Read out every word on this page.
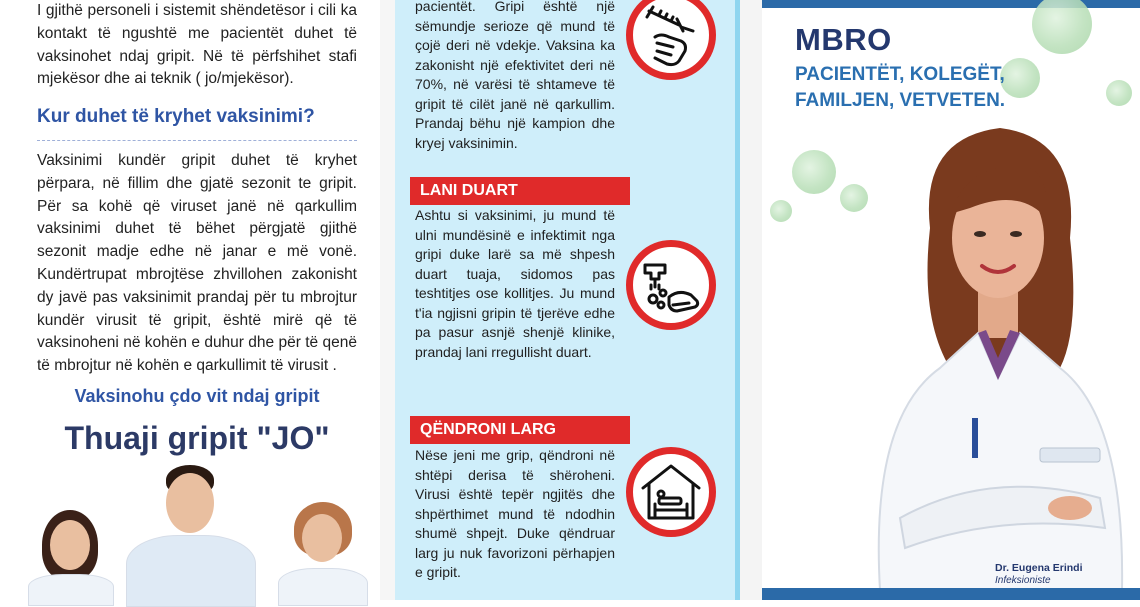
I gjithë personeli i sistemit shëndetësor i cili ka kontakt të ngushtë me pacientët duhet të vaksinohet ndaj gripit. Në të përfshihet stafi mjekësor dhe ai teknik ( jo/mjekësor).

Kur duhet të kryhet vaksinimi?

Vaksinimi kundër gripit duhet të kryhet përpara, në fillim dhe gjatë sezonit te gripit. Për sa kohë që viruset janë në qarkullim vaksinimi duhet të bëhet përgjatë gjithë sezonit madje edhe në janar e më vonë. Kundërtrupat mbrojtëse zhvillohen zakonisht dy javë pas vaksinimit prandaj për tu mbrojtur kundër virusit të gripit, është mirë që të vaksinoheni në kohën e duhur dhe për të qenë të mbrojtur në kohën e qarkullimit të virusit .

Vaksinohu çdo vit ndaj gripit

Thuaji gripit "JO"

pacientët. Gripi është një sëmundje serioze që mund të çojë deri në vdekje. Vaksina ka zakonisht një efektivitet deri në 70%, në varësi të shtameve të gripit të cilët janë në qarkullim. Prandaj bëhu një kampion dhe kryej vaksinimin.

LANI DUART

Ashtu si vaksinimi, ju mund të ulni mundësinë e infektimit nga gripi duke larë sa më shpesh duart tuaja, sidomos pas teshtitjes ose kollitjes. Ju mund t'ia ngjisni gripin të tjerëve edhe pa pasur asnjë shenjë klinike, prandaj lani rregullisht duart.

QËNDRONI LARG

Nëse jeni me grip, qëndroni në shtëpi derisa të shëroheni. Virusi është tepër ngjitës dhe shpërthimet mund të ndodhin shumë shpejt. Duke qëndruar larg ju nuk favorizoni përhapjen e gripit.

MBRO

PACIENTËT, KOLEGËT, FAMILJEN, VETVETEN.

Dr. Eugena Erindi

Infeksioniste
